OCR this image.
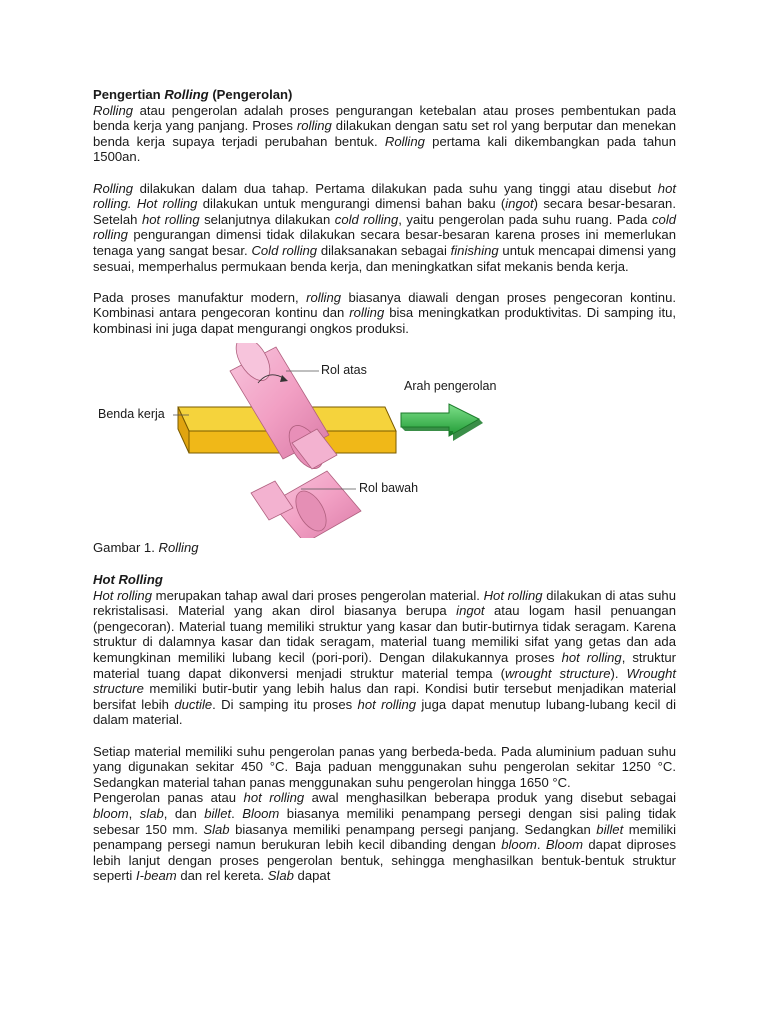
Pengertian Rolling (Pengerolan)

Rolling atau pengerolan adalah proses pengurangan ketebalan atau proses pembentukan pada benda kerja yang panjang. Proses rolling dilakukan dengan satu set rol yang berputar dan menekan benda kerja supaya terjadi perubahan bentuk. Rolling pertama kali dikembangkan pada tahun 1500an.

Rolling dilakukan dalam dua tahap. Pertama dilakukan pada suhu yang tinggi atau disebut hot rolling. Hot rolling dilakukan untuk mengurangi dimensi bahan baku (ingot) secara besar-besaran. Setelah hot rolling selanjutnya dilakukan cold rolling, yaitu pengerolan pada suhu ruang. Pada cold rolling pengurangan dimensi tidak dilakukan secara besar-besaran karena proses ini memerlukan tenaga yang sangat besar. Cold rolling dilaksanakan sebagai finishing untuk mencapai dimensi yang sesuai, memperhalus permukaan benda kerja, dan meningkatkan sifat mekanis benda kerja.

Pada proses manufaktur modern, rolling biasanya diawali dengan proses pengecoran kontinu. Kombinasi antara pengecoran kontinu dan rolling bisa meningkatkan produktivitas. Di samping itu, kombinasi ini juga dapat mengurangi ongkos produksi.

Rol atas
Arah pengerolan
Benda kerja
Rol bawah

Gambar 1. Rolling

Hot Rolling

Hot rolling merupakan tahap awal dari proses pengerolan material. Hot rolling dilakukan di atas suhu rekristalisasi. Material yang akan dirol biasanya berupa ingot atau logam hasil penuangan (pengecoran). Material tuang memiliki struktur yang kasar dan butir-butirnya tidak seragam. Karena struktur di dalamnya kasar dan tidak seragam, material tuang memiliki sifat yang getas dan ada kemungkinan memiliki lubang kecil (pori-pori). Dengan dilakukannya proses hot rolling, struktur material tuang dapat dikonversi menjadi struktur material tempa (wrought structure). Wrought structure memiliki butir-butir yang lebih halus dan rapi. Kondisi butir tersebut menjadikan material bersifat lebih ductile. Di samping itu proses hot rolling juga dapat menutup lubang-lubang kecil di dalam material.

Setiap material memiliki suhu pengerolan panas yang berbeda-beda. Pada aluminium paduan suhu yang digunakan sekitar 450 °C. Baja paduan menggunakan suhu pengerolan sekitar 1250 °C. Sedangkan material tahan panas menggunakan suhu pengerolan hingga 1650 °C.

Pengerolan panas atau hot rolling awal menghasilkan beberapa produk yang disebut sebagai bloom, slab, dan billet. Bloom biasanya memiliki penampang persegi dengan sisi paling tidak sebesar 150 mm. Slab biasanya memiliki penampang persegi panjang. Sedangkan billet memiliki penampang persegi namun berukuran lebih kecil dibanding dengan bloom. Bloom dapat diproses lebih lanjut dengan proses pengerolan bentuk, sehingga menghasilkan bentuk-bentuk struktur seperti I-beam dan rel kereta. Slab dapat
